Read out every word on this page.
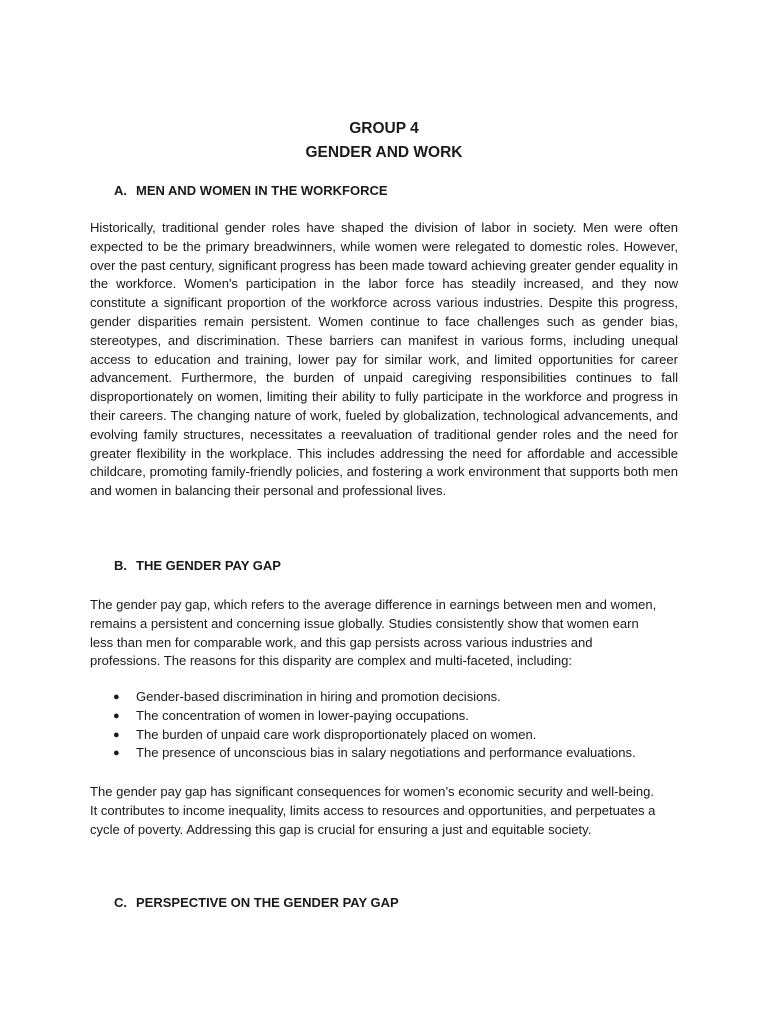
GROUP 4

GENDER AND WORK

A. MEN AND WOMEN IN THE WORKFORCE

Historically, traditional gender roles have shaped the division of labor in society. Men were often expected to be the primary breadwinners, while women were relegated to domestic roles. However, over the past century, significant progress has been made toward achieving greater gender equality in the workforce. Women's participation in the labor force has steadily increased, and they now constitute a significant proportion of the workforce across various industries. Despite this progress, gender disparities remain persistent. Women continue to face challenges such as gender bias, stereotypes, and discrimination. These barriers can manifest in various forms, including unequal access to education and training, lower pay for similar work, and limited opportunities for career advancement. Furthermore, the burden of unpaid caregiving responsibilities continues to fall disproportionately on women, limiting their ability to fully participate in the workforce and progress in their careers. The changing nature of work, fueled by globalization, technological advancements, and evolving family structures, necessitates a reevaluation of traditional gender roles and the need for greater flexibility in the workplace. This includes addressing the need for affordable and accessible childcare, promoting family-friendly policies, and fostering a work environment that supports both men and women in balancing their personal and professional lives.

B. THE GENDER PAY GAP

The gender pay gap, which refers to the average difference in earnings between men and women, remains a persistent and concerning issue globally. Studies consistently show that women earn less than men for comparable work, and this gap persists across various industries and professions. The reasons for this disparity are complex and multi-faceted, including:

● Gender-based discrimination in hiring and promotion decisions.
● The concentration of women in lower-paying occupations.
● The burden of unpaid care work disproportionately placed on women.
● The presence of unconscious bias in salary negotiations and performance evaluations.

The gender pay gap has significant consequences for women’s economic security and well-being. It contributes to income inequality, limits access to resources and opportunities, and perpetuates a cycle of poverty. Addressing this gap is crucial for ensuring a just and equitable society.

C. PERSPECTIVE ON THE GENDER PAY GAP
